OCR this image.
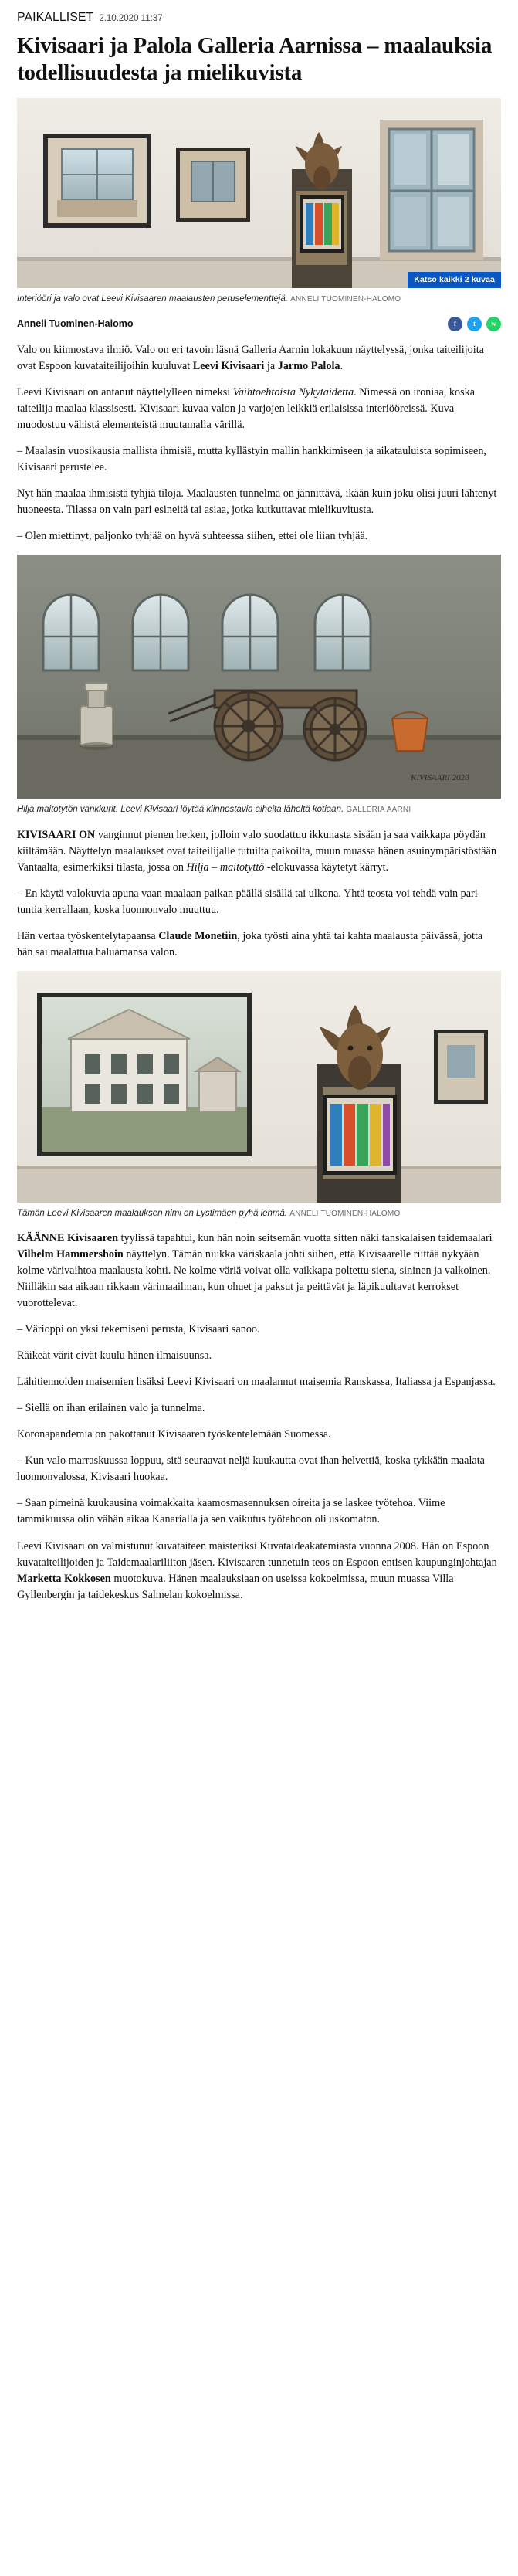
PAIKALLISET 2.10.2020 11:37
Kivisaari ja Palola Galleria Aarnissa – maalauksia todellisuudesta ja mielikuvista
Katso kaikki 2 kuvaa
Interiööri ja valo ovat Leevi Kivisaaren maalausten peruselementtejä. ANNELI TUOMINEN-HALOMO
Anneli Tuominen-Halomo	f	t	w

Valo on kiinnostava ilmiö. Valo on eri tavoin läsnä Galleria Aarnin lokakuun näyttelyssä, jonka taiteilijoita ovat Espoon kuvataiteilijoihin kuuluvat Leevi Kivisaari ja Jarmo Palola.

Leevi Kivisaari on antanut näyttelylleen nimeksi Vaihtoehtoista Nykytaidetta. Nimessä on ironiaa, koska taiteilija maalaa klassisesti. Kivisaari kuvaa valon ja varjojen leikkiä erilaisissa interiööreissä. Kuva muodostuu vähistä elementeistä muutamalla värillä.

– Maalasin vuosikausia mallista ihmisiä, mutta kyllästyin mallin hankkimiseen ja aikatauluista sopimiseen, Kivisaari perustelee.

Nyt hän maalaa ihmisistä tyhjiä tiloja. Maalausten tunnelma on jännittävä, ikään kuin joku olisi juuri lähtenyt huoneesta. Tilassa on vain pari esineitä tai asiaa, jotka kutkuttavat mielikuvitusta.

– Olen miettinyt, paljonko tyhjää on hyvä suhteessa siihen, ettei ole liian tyhjää.

KIVISAARI 2020
Hilja maitotytön vankkurit. Leevi Kivisaari löytää kiinnostavia aiheita läheltä kotiaan. GALLERIA AARNI

KIVISAARI ON vanginnut pienen hetken, jolloin valo suodattuu ikkunasta sisään ja saa vaikkapa pöydän kiiltämään. Näyttelyn maalaukset ovat taiteilijalle tutuilta paikoilta, muun muassa hänen asuinympäristöstään Vantaalta, esimerkiksi tilasta, jossa on Hilja – maitotyttö -elokuvassa käytetyt kärryt.

– En käytä valokuvia apuna vaan maalaan paikan päällä sisällä tai ulkona. Yhtä teosta voi tehdä vain pari tuntia kerrallaan, koska luonnonvalo muuttuu.

Hän vertaa työskentelytapaansa Claude Monetiin, joka työsti aina yhtä tai kahta maalausta päivässä, jotta hän sai maalattua haluamansa valon.

Tämän Leevi Kivisaaren maalauksen nimi on Lystimäen pyhä lehmä. ANNELI TUOMINEN-HALOMO

KÄÄNNE Kivisaaren tyylissä tapahtui, kun hän noin seitsemän vuotta sitten näki tanskalaisen taidemaalari Vilhelm Hammershoin näyttelyn. Tämän niukka väriskaala johti siihen, että Kivisaarelle riittää nykyään kolme värivaihtoa maalausta kohti. Ne kolme väriä voivat olla vaikkapa poltettu siena, sininen ja valkoinen. Niilläkin saa aikaan rikkaan värimaailman, kun ohuet ja paksut ja peittävät ja läpikuultavat kerrokset vuorottelevat.

– Värioppi on yksi tekemiseni perusta, Kivisaari sanoo.

Räikeät värit eivät kuulu hänen ilmaisuunsa.

Lähitiennoiden maisemien lisäksi Leevi Kivisaari on maalannut maisemia Ranskassa, Italiassa ja Espanjassa.

– Siellä on ihan erilainen valo ja tunnelma.

Koronapandemia on pakottanut Kivisaaren työskentelemään Suomessa.

– Kun valo marraskuussa loppuu, sitä seuraavat neljä kuukautta ovat ihan helvettiä, koska tykkään maalata luonnonvalossa, Kivisaari huokaa.

– Saan pimeinä kuukausina voimakkaita kaamosmasennuksen oireita ja se laskee työtehoa. Viime tammikuussa olin vähän aikaa Kanarialla ja sen vaikutus työtehoon oli uskomaton.

Leevi Kivisaari on valmistunut kuvataiteen maisteriksi Kuvataideakatemiasta vuonna 2008. Hän on Espoon kuvataiteilijoiden ja Taidemaalariliiton jäsen. Kivisaaren tunnetuin teos on Espoon entisen kaupunginjohtajan Marketta Kokkosen muotokuva. Hänen maalauksiaan on useissa kokoelmissa, muun muassa Villa Gyllenbergin ja taidekeskus Salmelan kokoelmissa.
